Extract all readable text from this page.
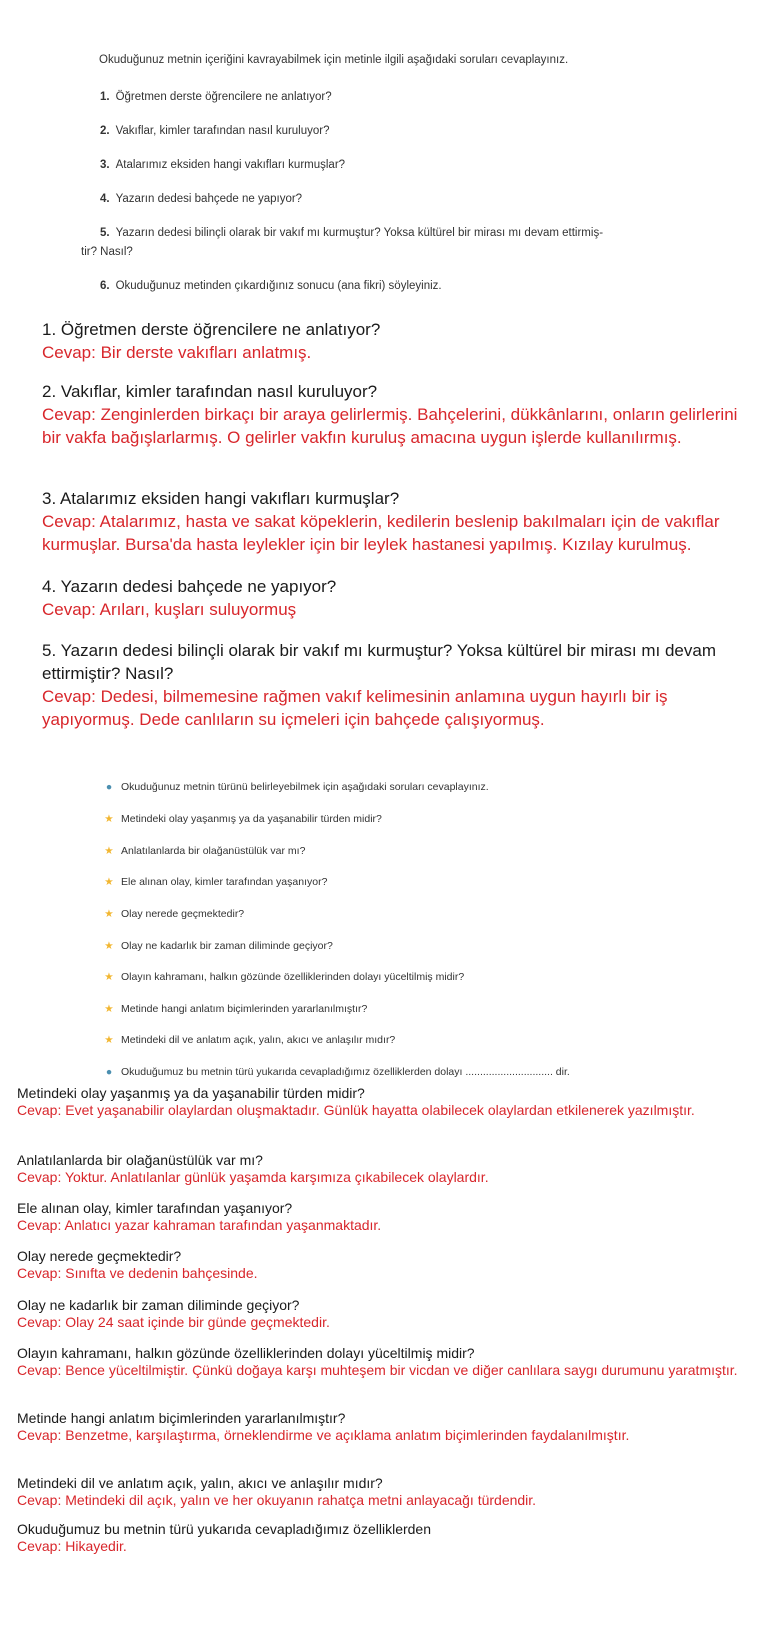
Okuduğunuz metnin içeriğini kavrayabilmek için metinle ilgili aşağıdaki soruları cevaplayınız.
1. Öğretmen derste öğrencilere ne anlatıyor?
2. Vakıflar, kimler tarafından nasıl kuruluyor?
3. Atalarımız eksiden hangi vakıfları kurmuşlar?
4. Yazarın dedesi bahçede ne yapıyor?
5. Yazarın dedesi bilinçli olarak bir vakıf mı kurmuştur? Yoksa kültürel bir mirası mı devam ettirmiş-
tir? Nasıl?
6. Okuduğunuz metinden çıkardığınız sonucu (ana fikri) söyleyiniz.
1. Öğretmen derste öğrencilere ne anlatıyor?
Cevap: Bir derste vakıfları anlatmış.
2. Vakıflar, kimler tarafından nasıl kuruluyor?
Cevap: Zenginlerden birkaçı bir araya gelirlermiş. Bahçelerini, dükkânlarını, onların gelirlerini bir vakfa bağışlarlarmış. O gelirler vakfın kuruluş amacına uygun işlerde kullanılırmış.
3. Atalarımız eksiden hangi vakıfları kurmuşlar?
Cevap: Atalarımız, hasta ve sakat köpeklerin, kedilerin beslenip bakılmaları için de vakıflar kurmuşlar. Bursa'da hasta leylekler için bir leylek hastanesi yapılmış. Kızılay kurulmuş.
4. Yazarın dedesi bahçede ne yapıyor?
Cevap: Arıları, kuşları suluyormuş
5. Yazarın dedesi bilinçli olarak bir vakıf mı kurmuştur? Yoksa kültürel bir mirası mı devam ettirmiştir? Nasıl?
Cevap: Dedesi, bilmemesine rağmen vakıf kelimesinin anlamına uygun hayırlı bir iş yapıyormuş. Dede canlıların su içmeleri için bahçede çalışıyormuş.
● Okuduğunuz metnin türünü belirleyebilmek için aşağıdaki soruları cevaplayınız.
★ Metindeki olay yaşanmış ya da yaşanabilir türden midir?
★ Anlatılanlarda bir olağanüstülük var mı?
★ Ele alınan olay, kimler tarafından yaşanıyor?
★ Olay nerede geçmektedir?
★ Olay ne kadarlık bir zaman diliminde geçiyor?
★ Olayın kahramanı, halkın gözünde özelliklerinden dolayı yüceltilmiş midir?
★ Metinde hangi anlatım biçimlerinden yararlanılmıştır?
★ Metindeki dil ve anlatım açık, yalın, akıcı ve anlaşılır mıdır?
● Okuduğumuz bu metnin türü yukarıda cevapladığımız özelliklerden dolayı .............................. dir.
Metindeki olay yaşanmış ya da yaşanabilir türden midir?
Cevap: Evet yaşanabilir olaylardan oluşmaktadır. Günlük hayatta olabilecek olaylardan etkilenerek yazılmıştır.
Anlatılanlarda bir olağanüstülük var mı?
Cevap: Yoktur. Anlatılanlar günlük yaşamda karşımıza çıkabilecek olaylardır.
Ele alınan olay, kimler tarafından yaşanıyor?
Cevap: Anlatıcı yazar kahraman tarafından yaşanmaktadır.
Olay nerede geçmektedir?
Cevap: Sınıfta ve dedenin bahçesinde.
Olay ne kadarlık bir zaman diliminde geçiyor?
Cevap: Olay 24 saat içinde bir günde geçmektedir.
Olayın kahramanı, halkın gözünde özelliklerinden dolayı yüceltilmiş midir?
Cevap: Bence yüceltilmiştir. Çünkü doğaya karşı muhteşem bir vicdan ve diğer canlılara saygı durumunu yaratmıştır.
Metinde hangi anlatım biçimlerinden yararlanılmıştır?
Cevap: Benzetme, karşılaştırma, örneklendirme ve açıklama anlatım biçimlerinden faydalanılmıştır.
Metindeki dil ve anlatım açık, yalın, akıcı ve anlaşılır mıdır?
Cevap: Metindeki dil açık, yalın ve her okuyanın rahatça metni anlayacağı türdendir.
Okuduğumuz bu metnin türü yukarıda cevapladığımız özelliklerden
Cevap: Hikayedir.
